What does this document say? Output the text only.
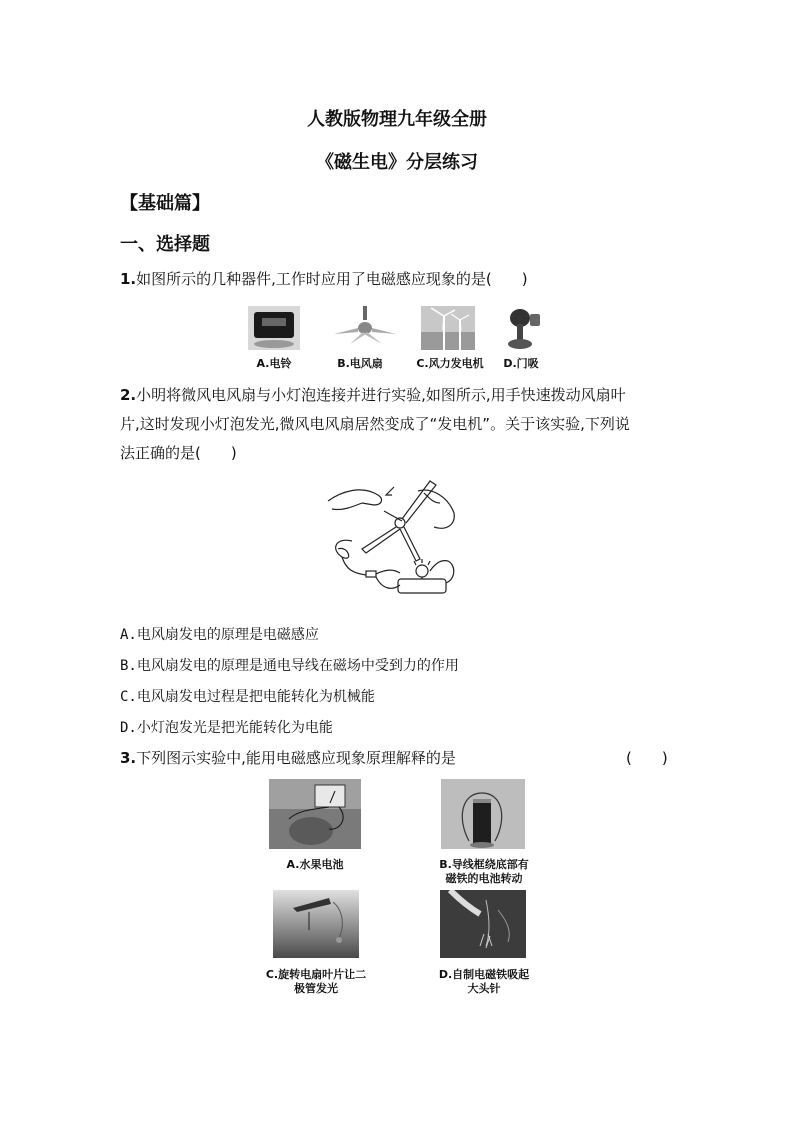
人教版物理九年级全册
《磁生电》分层练习
【基础篇】
一、选择题
1.如图所示的几种器件,工作时应用了电磁感应现象的是(　　)
A.电铃	B.电风扇	C.风力发电机	D.门吸
2.小明将微风电风扇与小灯泡连接并进行实验,如图所示,用手快速拨动风扇叶
片,这时发现小灯泡发光,微风电风扇居然变成了“发电机”。关于该实验,下列说
法正确的是(　　)
A.电风扇发电的原理是电磁感应
B.电风扇发电的原理是通电导线在磁场中受到力的作用
C.电风扇发电过程是把电能转化为机械能
D.小灯泡发光是把光能转化为电能
3.下列图示实验中,能用电磁感应现象原理解释的是	(　　)
A.水果电池	B.导线框绕底部有
磁铁的电池转动
C.旋转电扇叶片让二
极管发光
D.自制电磁铁吸起
大头针
